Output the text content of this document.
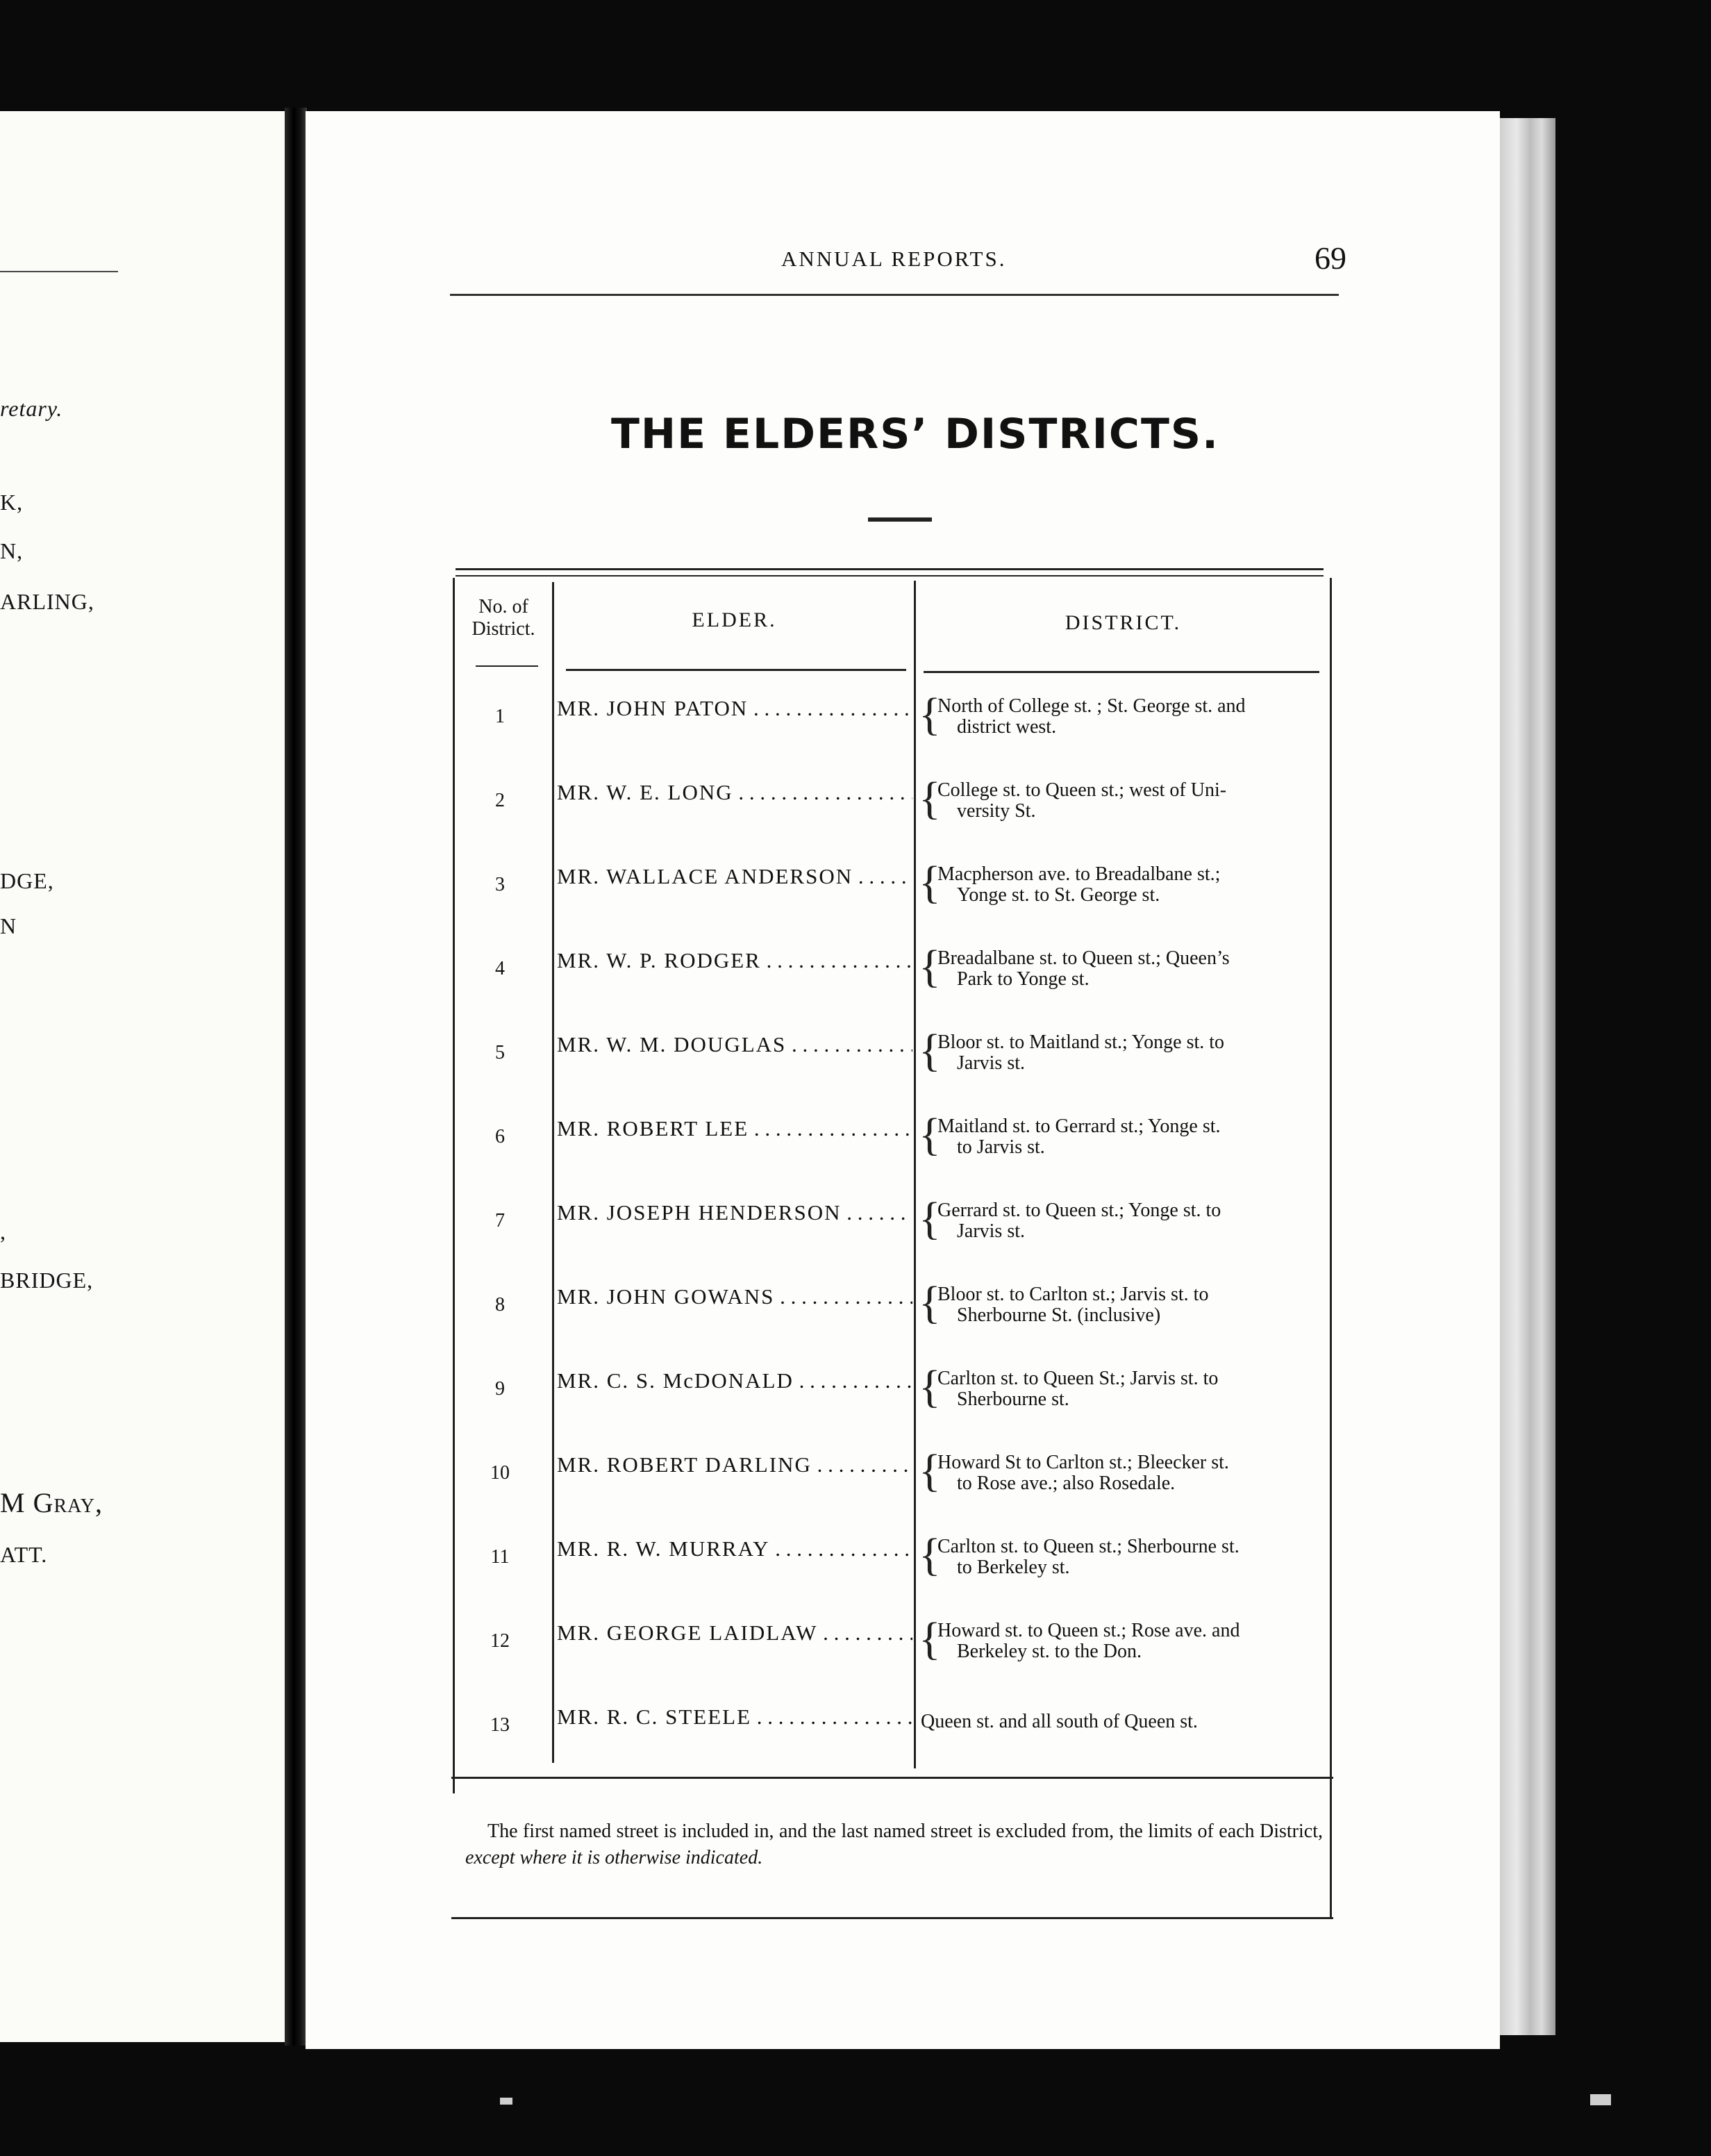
retary.
K,
N,
ARLING,
DGE,
N
,
BRIDGE,
M Gray,
ATT.
ANNUAL REPORTS.	69
THE ELDERS’ DISTRICTS.
No. of
District.	ELDER.	DISTRICT.
1	MR. JOHN PATON . . .	{
North of College st. ; St. George st. and
district west.
2	MR. W. E. LONG . . .	{
College st. to Queen st.; west of Uni-
versity St.
3	MR. WALLACE ANDERSON . . .	{
Macpherson ave. to Breadalbane st.;
Yonge st. to St. George st.
4	MR. W. P. RODGER . . .	{
Breadalbane st. to Queen st.; Queen’s
Park to Yonge st.
5	MR. W. M. DOUGLAS . . .	{
Bloor st. to Maitland st.; Yonge st. to
Jarvis st.
6	MR. ROBERT LEE . . .	{
Maitland st. to Gerrard st.; Yonge st.
to Jarvis st.
7	MR. JOSEPH HENDERSON . . .	{
Gerrard st. to Queen st.; Yonge st. to
Jarvis st.
8	MR. JOHN GOWANS . . .	{
Bloor st. to Carlton st.; Jarvis st. to
Sherbourne St. (inclusive)
9	MR. C. S. McDONALD . . .	{
Carlton st. to Queen St.; Jarvis st. to
Sherbourne st.
10	MR. ROBERT DARLING . . .	{
Howard St to Carlton st.; Bleecker st.
to Rose ave.; also Rosedale.
11	MR. R. W. MURRAY . . .	{
Carlton st. to Queen st.; Sherbourne st.
to Berkeley st.
12	MR. GEORGE LAIDLAW . . .	{
Howard st. to Queen st.; Rose ave. and
Berkeley st. to the Don.
13	MR. R. C. STEELE . . .	Queen st. and all south of Queen st.
The first named street is included in, and the last named street is excluded from, the limits of each District, except where it is otherwise indicated.
